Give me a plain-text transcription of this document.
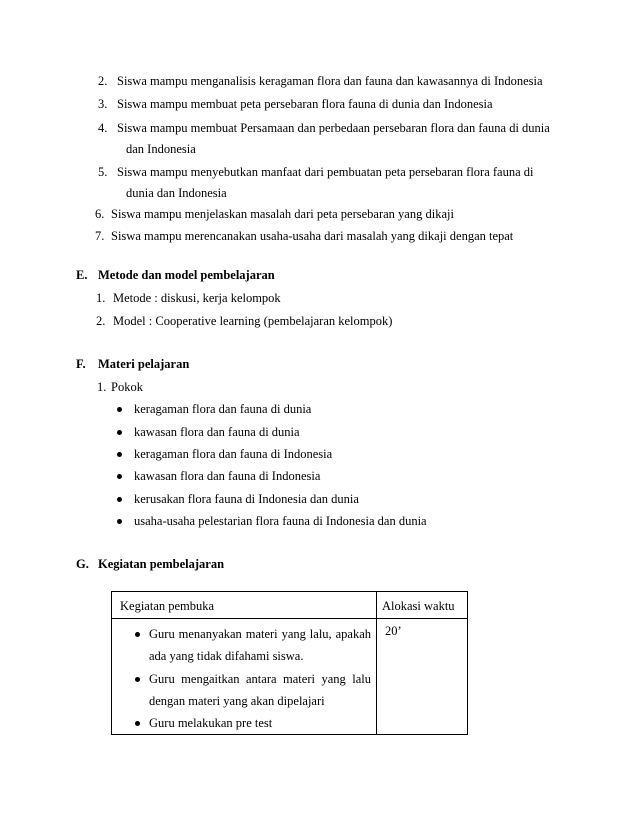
2. Siswa mampu menganalisis keragaman flora dan fauna dan kawasannya di Indonesia
3. Siswa mampu membuat peta persebaran flora fauna di dunia dan Indonesia
4. Siswa mampu membuat Persamaan dan perbedaan persebaran flora dan fauna di dunia
dan Indonesia
5. Siswa mampu menyebutkan manfaat dari pembuatan peta persebaran flora fauna di
dunia dan Indonesia
6. Siswa mampu menjelaskan masalah dari peta persebaran yang dikaji
7. Siswa mampu merencanakan usaha-usaha dari masalah yang dikaji dengan tepat
E. Metode dan model pembelajaran
1. Metode : diskusi, kerja kelompok
2. Model : Cooperative learning (pembelajaran kelompok)
F. Materi pelajaran
1. Pokok
keragaman flora dan fauna di dunia
kawasan flora dan fauna di dunia
keragaman flora dan fauna di Indonesia
kawasan flora dan fauna di Indonesia
kerusakan flora fauna di Indonesia dan dunia
usaha-usaha pelestarian flora fauna di Indonesia dan dunia
G. Kegiatan pembelajaran
Kegiatan pembuka	Alokasi waktu

Guru menanyakan materi yang lalu, apakah
ada yang tidak difahami siswa.
Guru mengaitkan antara materi yang lalu
dengan materi yang akan dipelajari
Guru melakukan pre test	20’
